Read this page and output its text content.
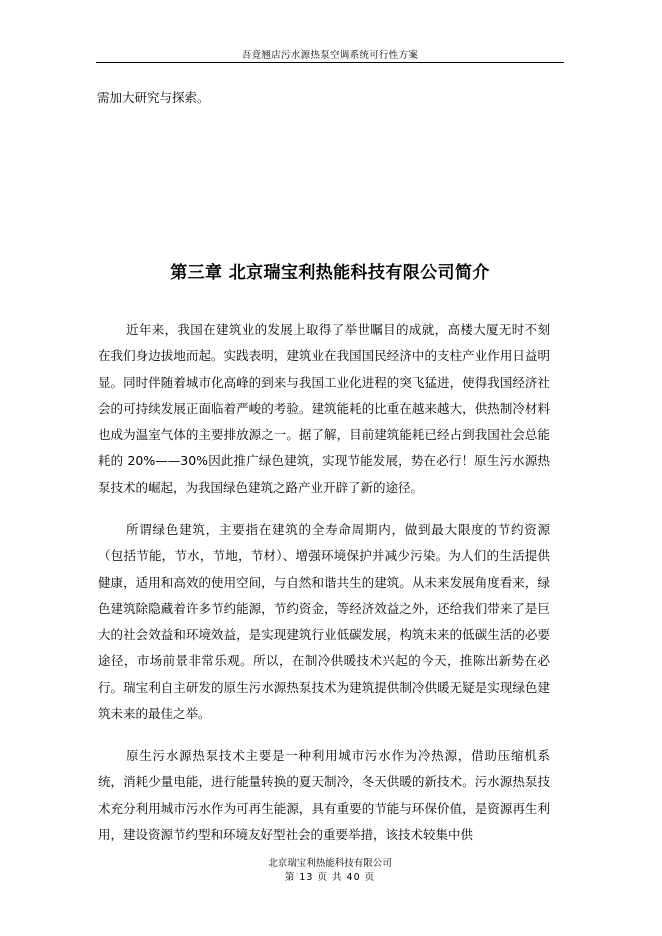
吾竟翘店污水源热泵空调系统可行性方案
需加大研究与探索。
第三章 北京瑞宝利热能科技有限公司简介

近年来，我国在建筑业的发展上取得了举世瞩目的成就，高楼大厦无时不刻在我们身边拔地而起。实践表明，建筑业在我国国民经济中的支柱产业作用日益明显。同时伴随着城市化高峰的到来与我国工业化进程的突飞猛进，使得我国经济社会的可持续发展正面临着严峻的考验。建筑能耗的比重在越来越大，供热制冷材料也成为温室气体的主要排放源之一。据了解，目前建筑能耗已经占到我国社会总能耗的 20%——30%因此推广绿色建筑，实现节能发展，势在必行！原生污水源热泵技术的崛起，为我国绿色建筑之路产业开辟了新的途径。

所谓绿色建筑，主要指在建筑的全寿命周期内，做到最大限度的节约资源（包括节能，节水，节地，节材）、增强环境保护并减少污染。为人们的生活提供健康，适用和高效的使用空间，与自然和谐共生的建筑。从未来发展角度看来，绿色建筑除隐藏着许多节约能源，节约资金，等经济效益之外，还给我们带来了是巨大的社会效益和环境效益，是实现建筑行业低碳发展，构筑未来的低碳生活的必要途径，市场前景非常乐观。所以，在制冷供暖技术兴起的今天，推陈出新势在必行。瑞宝利自主研发的原生污水源热泵技术为建筑提供制冷供暖无疑是实现绿色建筑未来的最佳之举。

原生污水源热泵技术主要是一种利用城市污水作为冷热源，借助压缩机系统，消耗少量电能，进行能量转换的夏天制冷，冬天供暖的新技术。污水源热泵技术充分利用城市污水作为可再生能源，具有重要的节能与环保价值，是资源再生利用，建设资源节约型和环境友好型社会的重要举措，该技术较集中供

北京瑞宝利热能科技有限公司
第 13 页 共 40 页
